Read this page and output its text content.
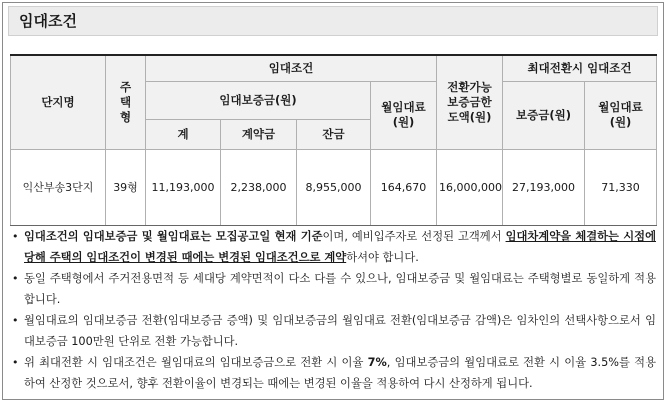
임대조건
단지명	주택형	임대조건				전환가능보증금한도액(원)	최대전환시 임대조건	
		임대보증금(원)			월임대료(원)		보증금(원)	월임대료(원)
		계	계약금	잔금				
익산부송3단지	39형	11,193,000	2,238,000	8,955,000	164,670	16,000,000	27,193,000	71,330
• 임대조건의 임대보증금 및 월임대료는 모집공고일 현재 기준이며, 예비입주자로 선정된 고객께서 임대차계약을 체결하는 시점에 당해 주택의 임대조건이 변경된 때에는 변경된 임대조건으로 계약하셔야 합니다.
• 동일 주택형에서 주거전용면적 등 세대당 계약면적이 다소 다를 수 있으나, 임대보증금 및 월임대료는 주택형별로 동일하게 적용합니다.
• 월임대료의 임대보증금 전환(임대보증금 증액) 및 임대보증금의 월임대료 전환(임대보증금 감액)은 임차인의 선택사항으로서 임대보증금 100만원 단위로 전환 가능합니다.
• 위 최대전환 시 임대조건은 월임대료의 임대보증금으로 전환 시 이율 7%, 임대보증금의 월임대료로 전환 시 이율 3.5%를 적용하여 산정한 것으로서, 향후 전환이율이 변경되는 때에는 변경된 이율을 적용하여 다시 산정하게 됩니다.
